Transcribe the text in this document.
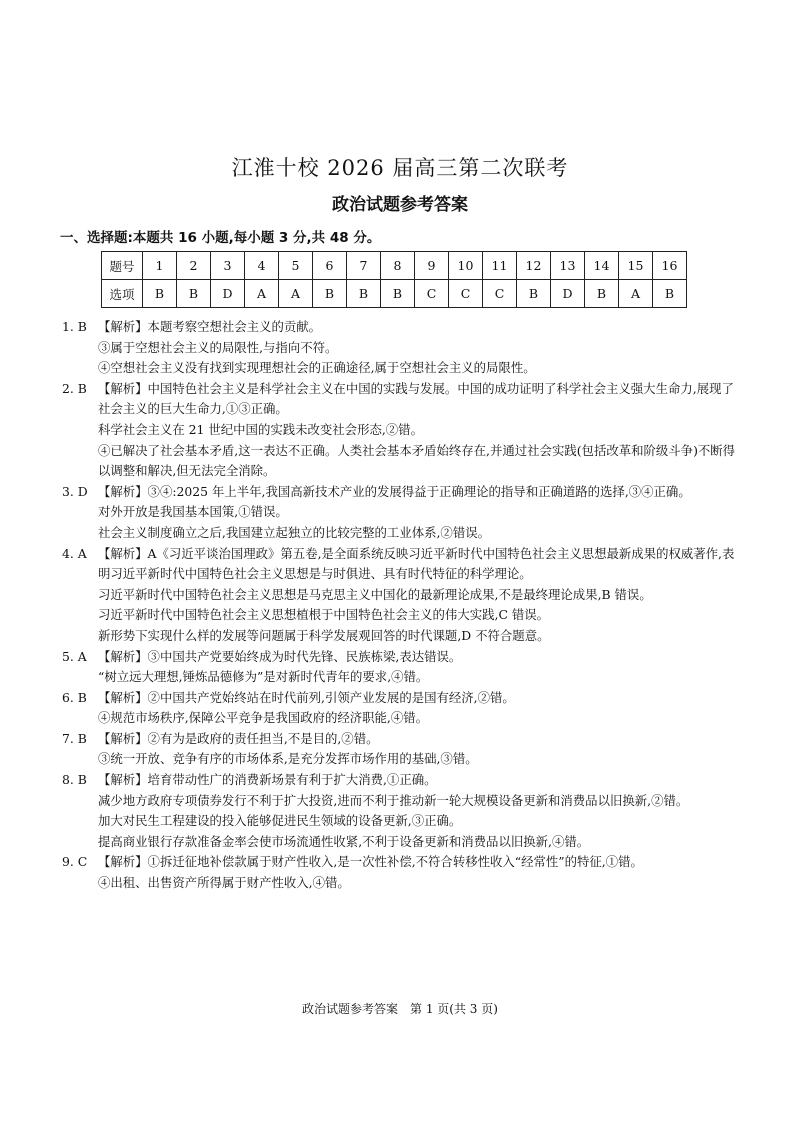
江淮十校 2026 届高三第二次联考
政治试题参考答案
一、选择题:本题共 16 小题,每小题 3 分,共 48 分。
题号	1	2	3	4	5	6	7	8	9	10	11	12	13	14	15	16
选项	B	B	D	A	A	B	B	B	C	C	C	B	D	B	A	B
1. B 【解析】本题考察空想社会主义的贡献。

③属于空想社会主义的局限性,与指向不符。

④空想社会主义没有找到实现理想社会的正确途径,属于空想社会主义的局限性。

2. B 【解析】中国特色社会主义是科学社会主义在中国的实践与发展。中国的成功证明了科学社会主义强大生命力,展现了社会主义的巨大生命力,①③正确。

科学社会主义在 21 世纪中国的实践未改变社会形态,②错。

④已解决了社会基本矛盾,这一表达不正确。人类社会基本矛盾始终存在,并通过社会实践(包括改革和阶级斗争)不断得以调整和解决,但无法完全消除。

3. D 【解析】③④:2025 年上半年,我国高新技术产业的发展得益于正确理论的指导和正确道路的选择,③④正确。

对外开放是我国基本国策,①错误。

社会主义制度确立之后,我国建立起独立的比较完整的工业体系,②错误。

4. A 【解析】A《习近平谈治国理政》第五卷,是全面系统反映习近平新时代中国特色社会主义思想最新成果的权威著作,表明习近平新时代中国特色社会主义思想是与时俱进、具有时代特征的科学理论。

习近平新时代中国特色社会主义思想是马克思主义中国化的最新理论成果,不是最终理论成果,B 错误。

习近平新时代中国特色社会主义思想植根于中国特色社会主义的伟大实践,C 错误。

新形势下实现什么样的发展等问题属于科学发展观回答的时代课题,D 不符合题意。

5. A 【解析】③中国共产党要始终成为时代先锋、民族栋梁,表达错误。

“树立远大理想,锤炼品德修为”是对新时代青年的要求,④错。

6. B 【解析】②中国共产党始终站在时代前列,引领产业发展的是国有经济,②错。

④规范市场秩序,保障公平竞争是我国政府的经济职能,④错。

7. B 【解析】②有为是政府的责任担当,不是目的,②错。

③统一开放、竞争有序的市场体系,是充分发挥市场作用的基础,③错。

8. B 【解析】培育带动性广的消费新场景有利于扩大消费,①正确。

减少地方政府专项债券发行不利于扩大投资,进而不利于推动新一轮大规模设备更新和消费品以旧换新,②错。

加大对民生工程建设的投入能够促进民生领域的设备更新,③正确。

提高商业银行存款准备金率会使市场流通性收紧,不利于设备更新和消费品以旧换新,④错。

9. C 【解析】①拆迁征地补偿款属于财产性收入,是一次性补偿,不符合转移性收入“经常性”的特征,①错。

④出租、出售资产所得属于财产性收入,④错。

政治试题参考答案　第 1 页(共 3 页)
